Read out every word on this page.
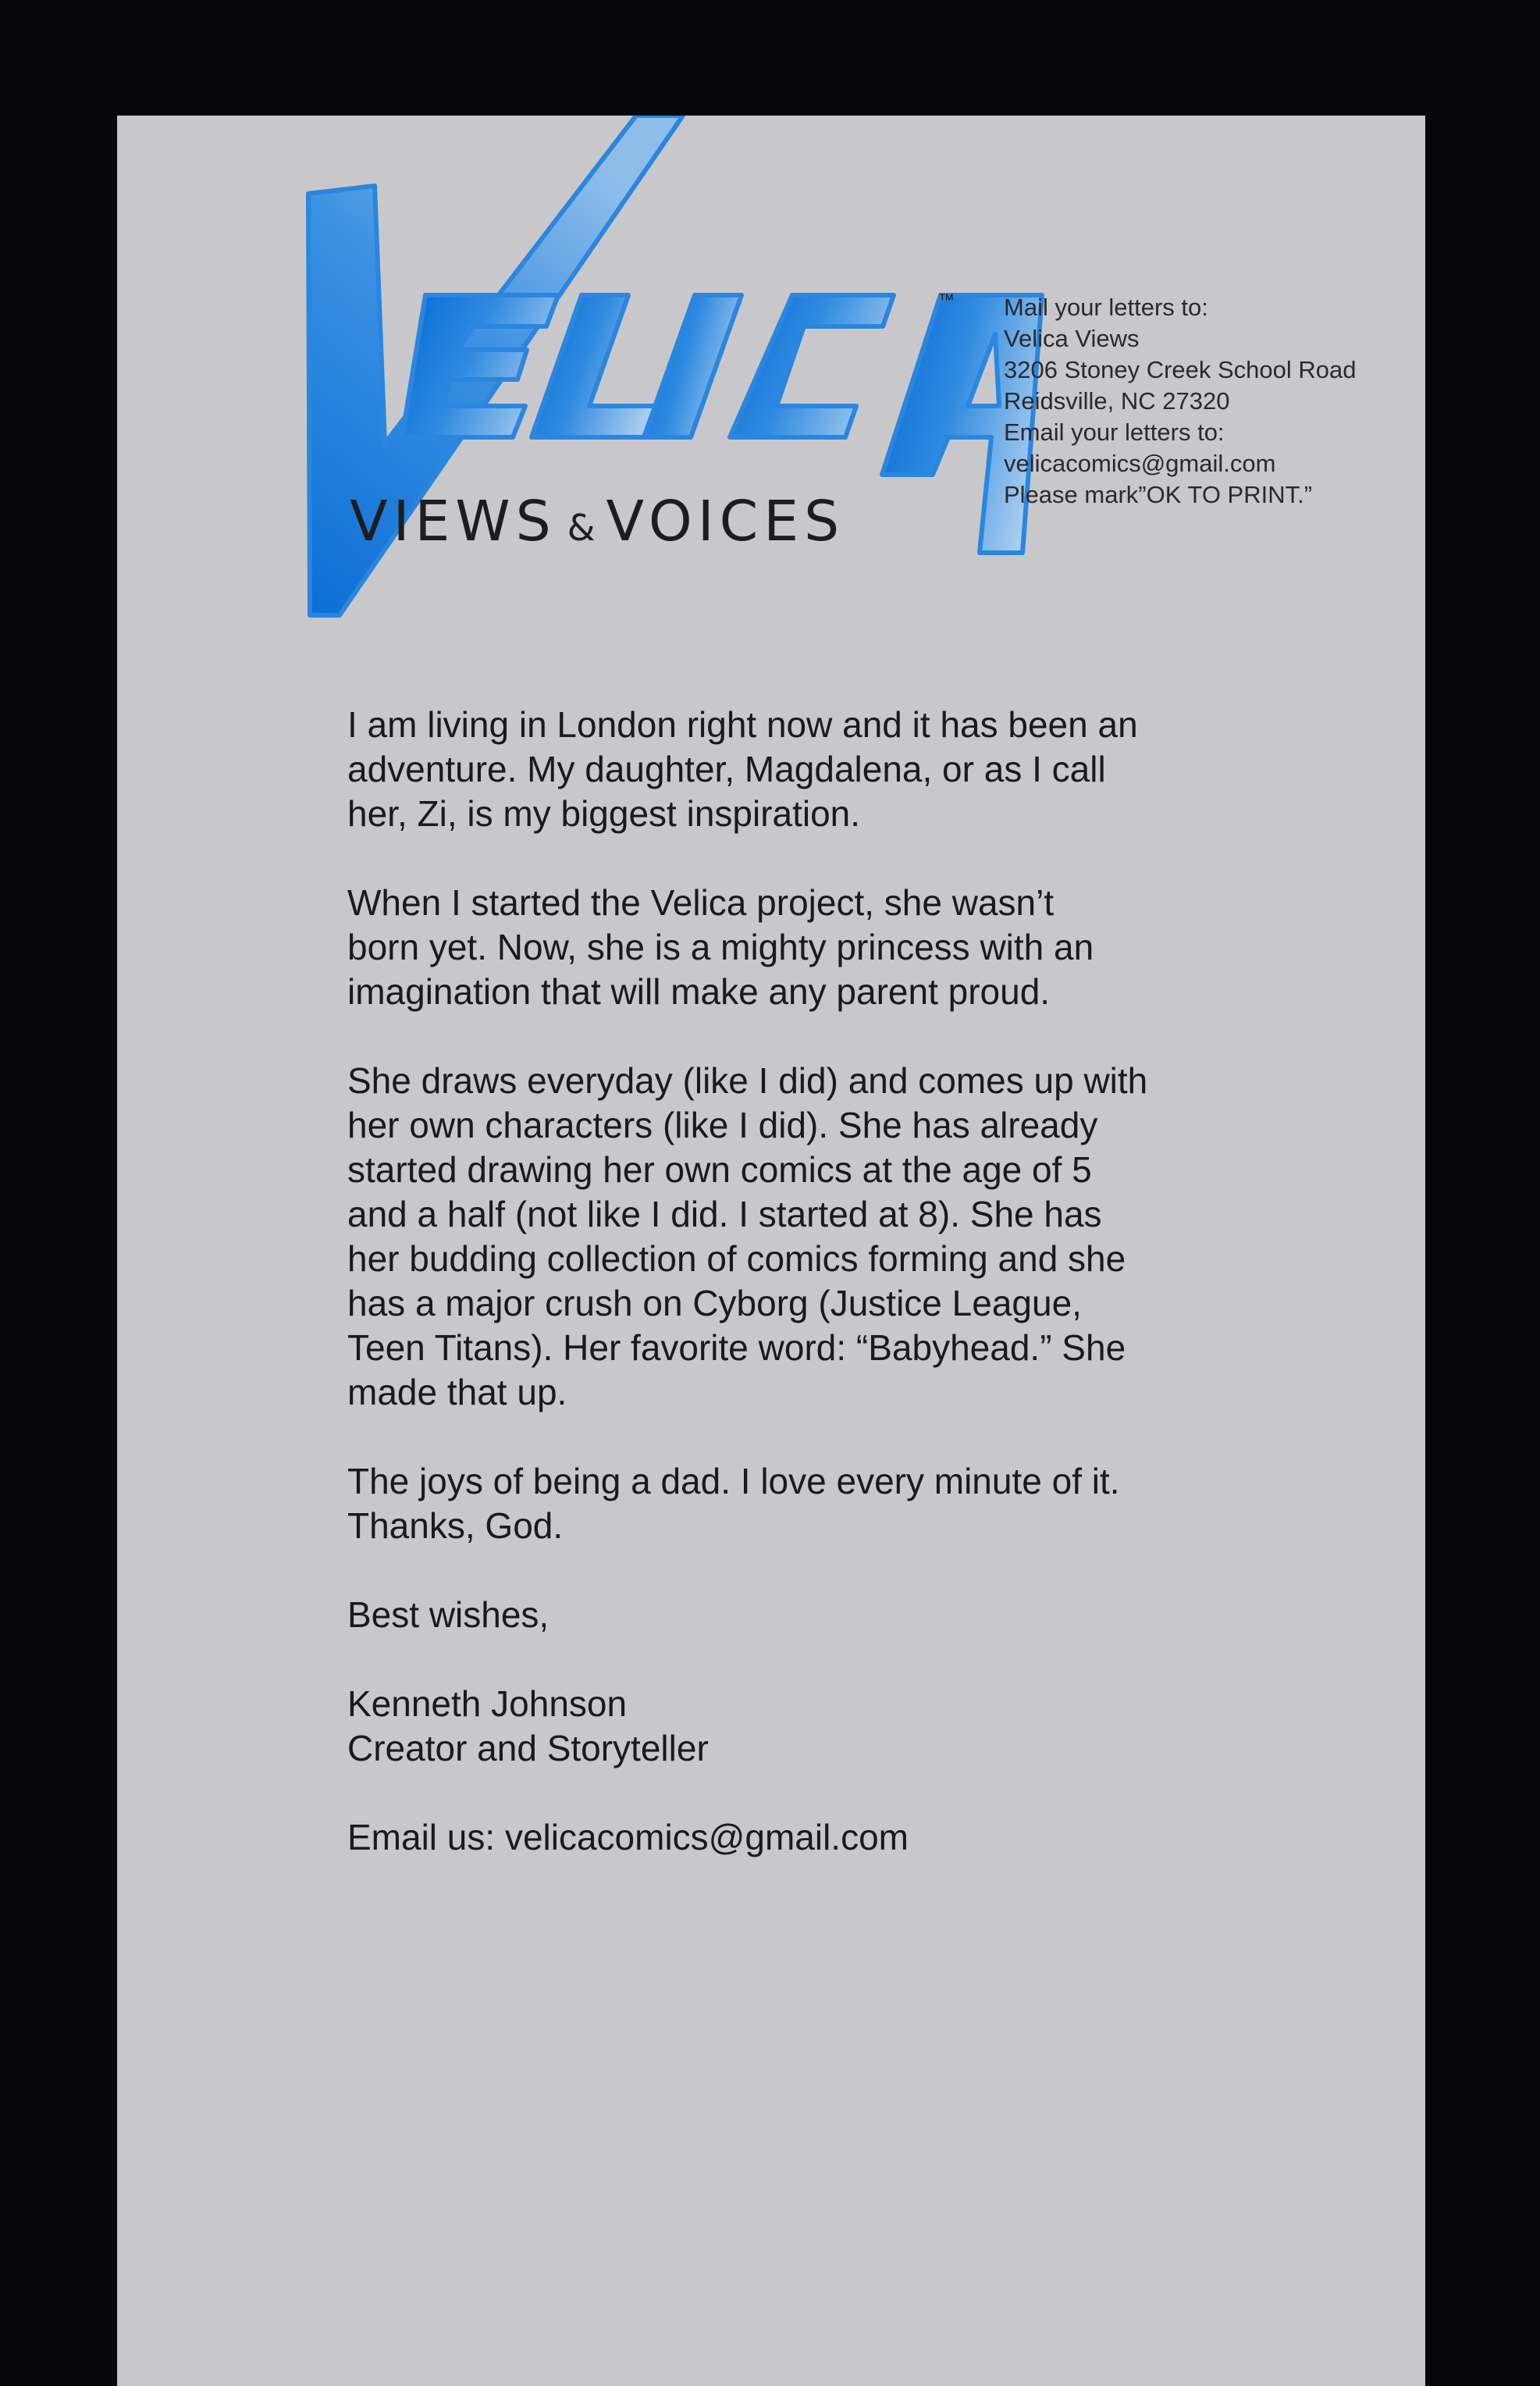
™
VIEWS & VOICES
Mail your letters to:
Velica Views
3206 Stoney Creek School Road
Reidsville, NC 27320
Email your letters to:
velicacomics@gmail.com
Please mark”OK TO PRINT.”

I am living in London right now and it has been an
adventure. My daughter, Magdalena, or as I call
her, Zi, is my biggest inspiration.

When I started the Velica project, she wasn’t
born yet. Now, she is a mighty princess with an
imagination that will make any parent proud.

She draws everyday (like I did) and comes up with
her own characters (like I did). She has already
started drawing her own comics at the age of 5
and a half (not like I did. I started at 8). She has
her budding collection of comics forming and she
has a major crush on Cyborg (Justice League,
Teen Titans). Her favorite word: “Babyhead.” She
made that up.

The joys of being a dad. I love every minute of it.
Thanks, God.

Best wishes,

Kenneth Johnson
Creator and Storyteller

Email us: velicacomics@gmail.com
